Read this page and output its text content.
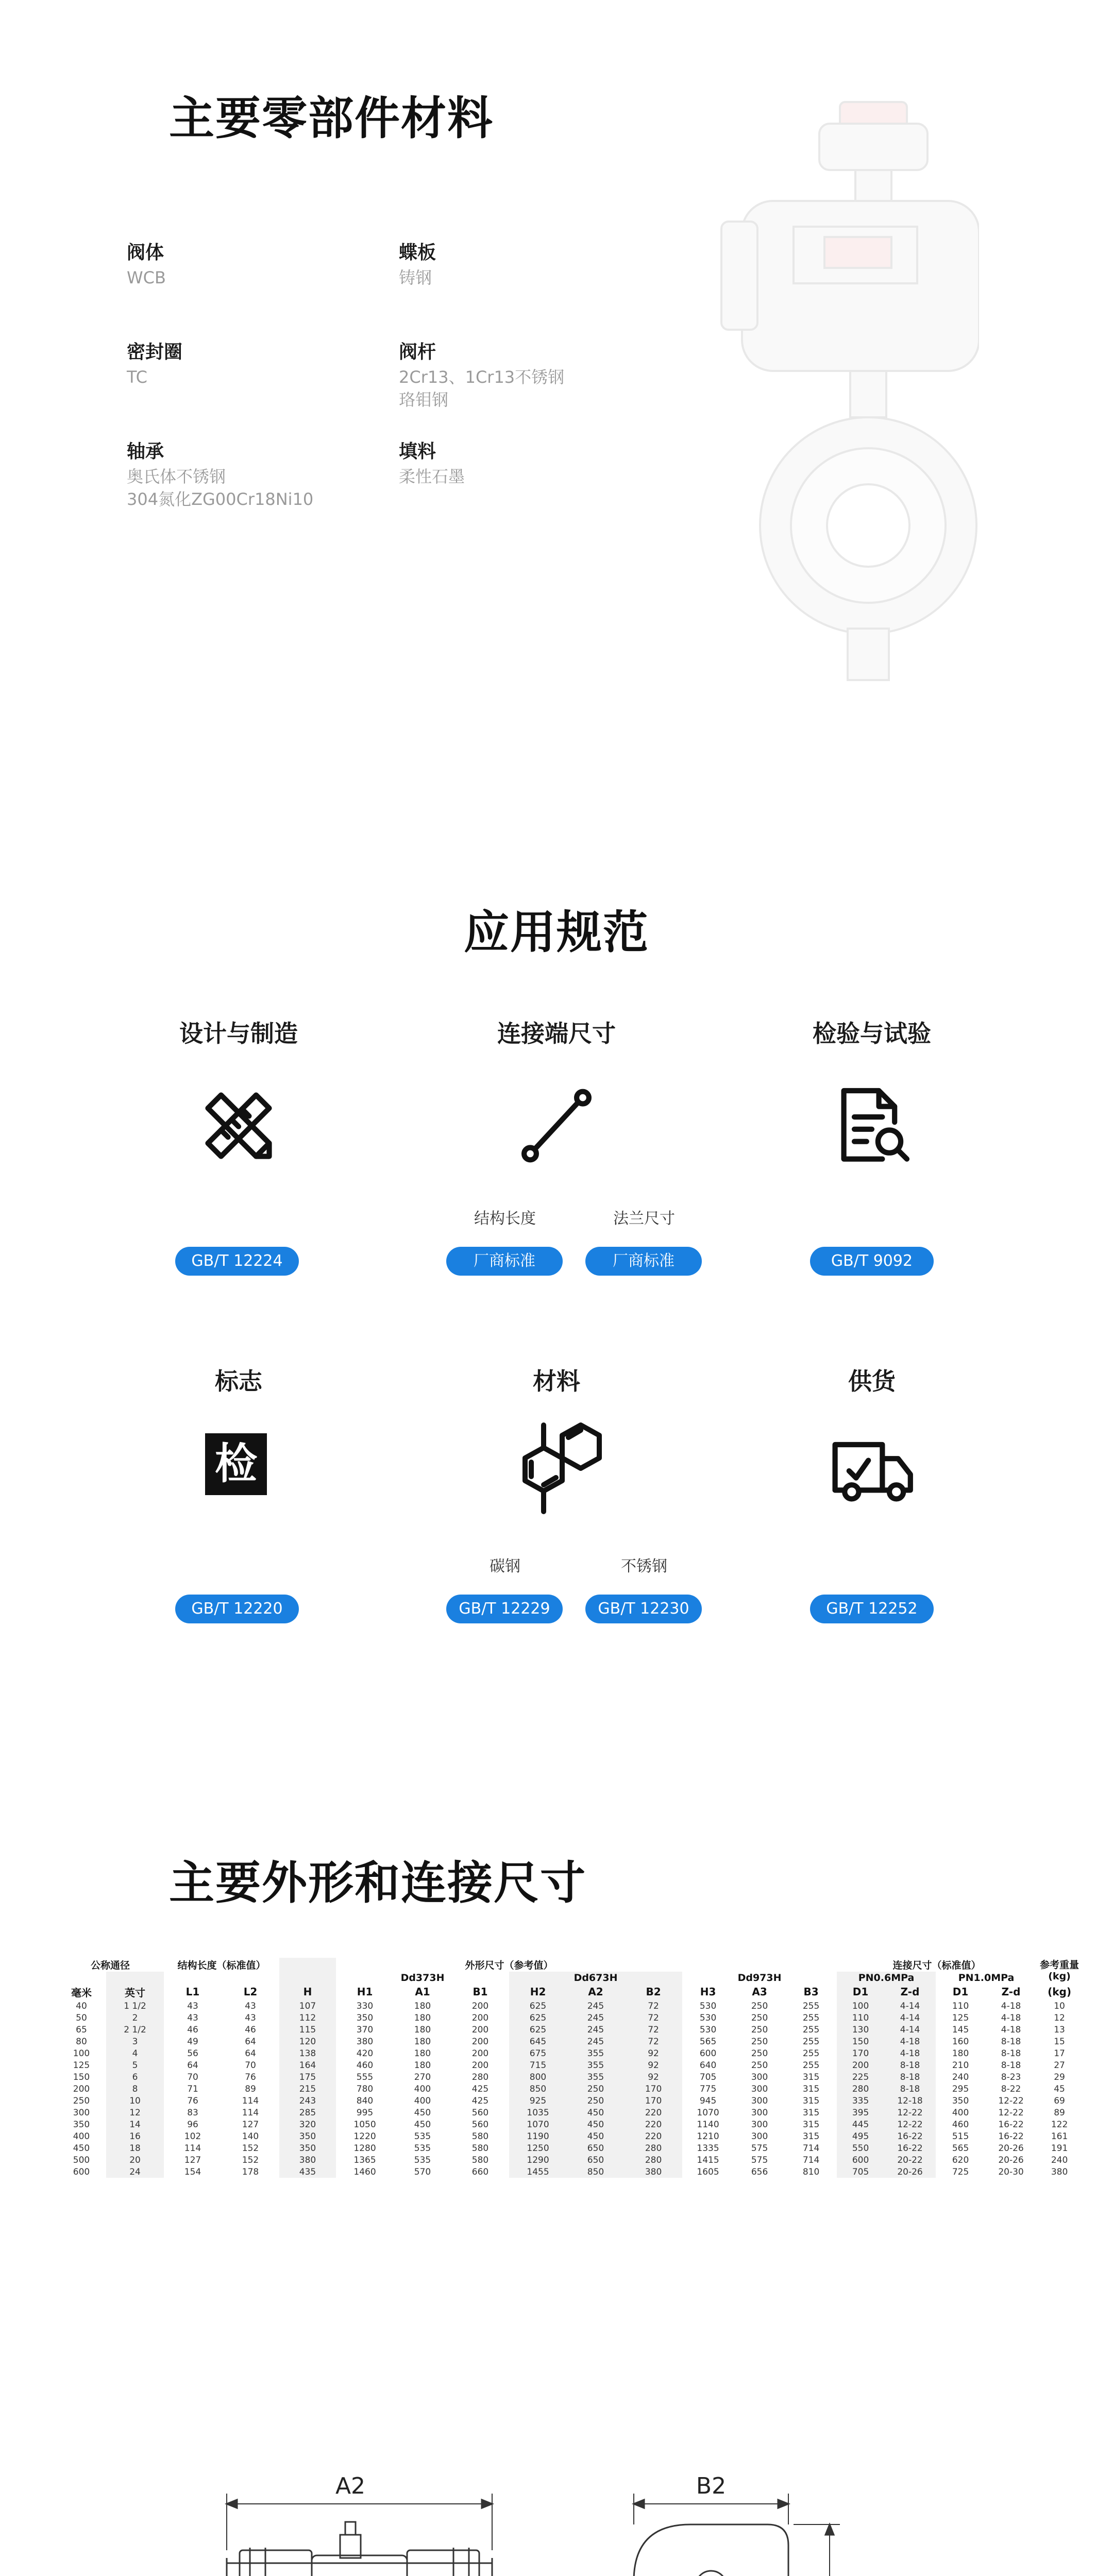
主要零部件材料
阀体
WCB
蝶板
铸钢
密封圈
TC
阀杆
2Cr13、1Cr13不锈钢
珞钼钢
轴承
奥氏体不锈钢
304氮化ZG00Cr18Ni10
填料
柔性石墨
应用规范
设计与制造
GB/T 12224
连接端尺寸
结构长度	法兰尺寸
厂商标准	厂商标准
检验与试验
GB/T 9092
标志
检
GB/T 12220
材料
碳钢	不锈钢
GB/T 12229	GB/T 12230
供货
GB/T 12252
主要外形和连接尺寸
公称通径		结构长度（标准值）			外形尺寸（参考值）									连接尺寸（标准值）				参考重量(kg)
					Dd373H			Dd673H			Dd973H			PN0.6MPa		PN1.0MPa		
毫米	英寸	L1	L2	H	H1	A1	B1	H2	A2	B2	H3	A3	B3	D1	Z-d	D1	Z-d	(kg)
40	1 1/2	43	43	107	330	180	200	625	245	72	530	250	255	100	4-14	110	4-18	10
50	2	43	43	112	350	180	200	625	245	72	530	250	255	110	4-14	125	4-18	12
65	2 1/2	46	46	115	370	180	200	625	245	72	530	250	255	130	4-14	145	4-18	13
80	3	49	64	120	380	180	200	645	245	72	565	250	255	150	4-18	160	8-18	15
100	4	56	64	138	420	180	200	675	355	92	600	250	255	170	4-18	180	8-18	17
125	5	64	70	164	460	180	200	715	355	92	640	250	255	200	8-18	210	8-18	27
150	6	70	76	175	555	270	280	800	355	92	705	300	315	225	8-18	240	8-23	29
200	8	71	89	215	780	400	425	850	250	170	775	300	315	280	8-18	295	8-22	45
250	10	76	114	243	840	400	425	925	250	170	945	300	315	335	12-18	350	12-22	69
300	12	83	114	285	995	450	560	1035	450	220	1070	300	315	395	12-22	400	12-22	89
350	14	96	127	320	1050	450	560	1070	450	220	1140	300	315	445	12-22	460	16-22	122
400	16	102	140	350	1220	535	580	1190	450	220	1210	300	315	495	16-22	515	16-22	161
450	18	114	152	350	1280	535	580	1250	650	280	1335	575	714	550	16-22	565	20-26	191
500	20	127	152	380	1365	535	580	1290	650	280	1415	575	714	600	20-22	620	20-26	240
600	24	154	178	435	1460	570	660	1455	850	380	1605	656	810	705	20-26	725	20-30	380
A2	B2
